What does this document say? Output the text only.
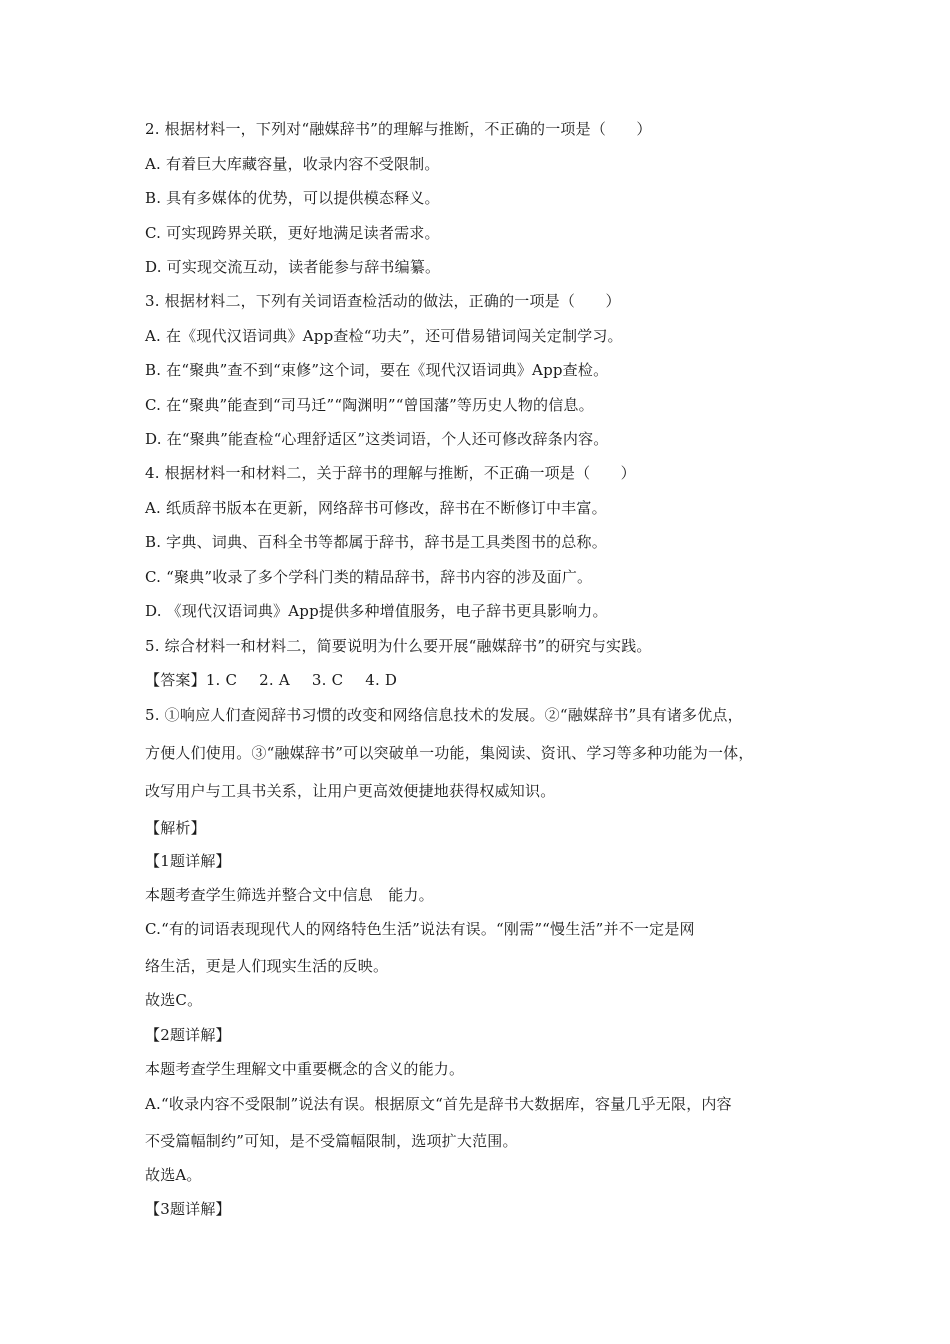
2. 根据材料一，下列对“融媒辞书”的理解与推断，不正确的一项是（　　）
A. 有着巨大库藏容量，收录内容不受限制。
B. 具有多媒体的优势，可以提供模态释义。
C. 可实现跨界关联，更好地满足读者需求。
D. 可实现交流互动，读者能参与辞书编纂。
3. 根据材料二，下列有关词语查检活动的做法，正确的一项是（　　）
A. 在《现代汉语词典》App查检“功夫”，还可借易错词闯关定制学习。
B. 在“聚典”查不到“束修”这个词，要在《现代汉语词典》App查检。
C. 在“聚典”能查到“司马迁”“陶渊明”“曾国藩”等历史人物的信息。
D. 在“聚典”能查检“心理舒适区”这类词语，个人还可修改辞条内容。
4. 根据材料一和材料二，关于辞书的理解与推断，不正确一项是（　　）
A. 纸质辞书版本在更新，网络辞书可修改，辞书在不断修订中丰富。
B. 字典、词典、百科全书等都属于辞书，辞书是工具类图书的总称。
C. “聚典”收录了多个学科门类的精品辞书，辞书内容的涉及面广。
D. 《现代汉语词典》App提供多种增值服务，电子辞书更具影响力。
5. 综合材料一和材料二，简要说明为什么要开展“融媒辞书”的研究与实践。
【答案】1. C 2. A 3. C 4. D
5. ①响应人们查阅辞书习惯的改变和网络信息技术的发展。②“融媒辞书”具有诸多优点，
方便人们使用。③“融媒辞书”可以突破单一功能，集阅读、资讯、学习等多种功能为一体，
改写用户与工具书关系，让用户更高效便捷地获得权威知识。
【解析】
【1题详解】
本题考查学生筛选并整合文中信息　能力。
C.“有的词语表现现代人的网络特色生活”说法有误。“刚需”“慢生活”并不一定是网
络生活，更是人们现实生活的反映。
故选C。
【2题详解】
本题考查学生理解文中重要概念的含义的能力。
A.“收录内容不受限制”说法有误。根据原文“首先是辞书大数据库，容量几乎无限，内容
不受篇幅制约”可知，是不受篇幅限制，选项扩大范围。
故选A。
【3题详解】
